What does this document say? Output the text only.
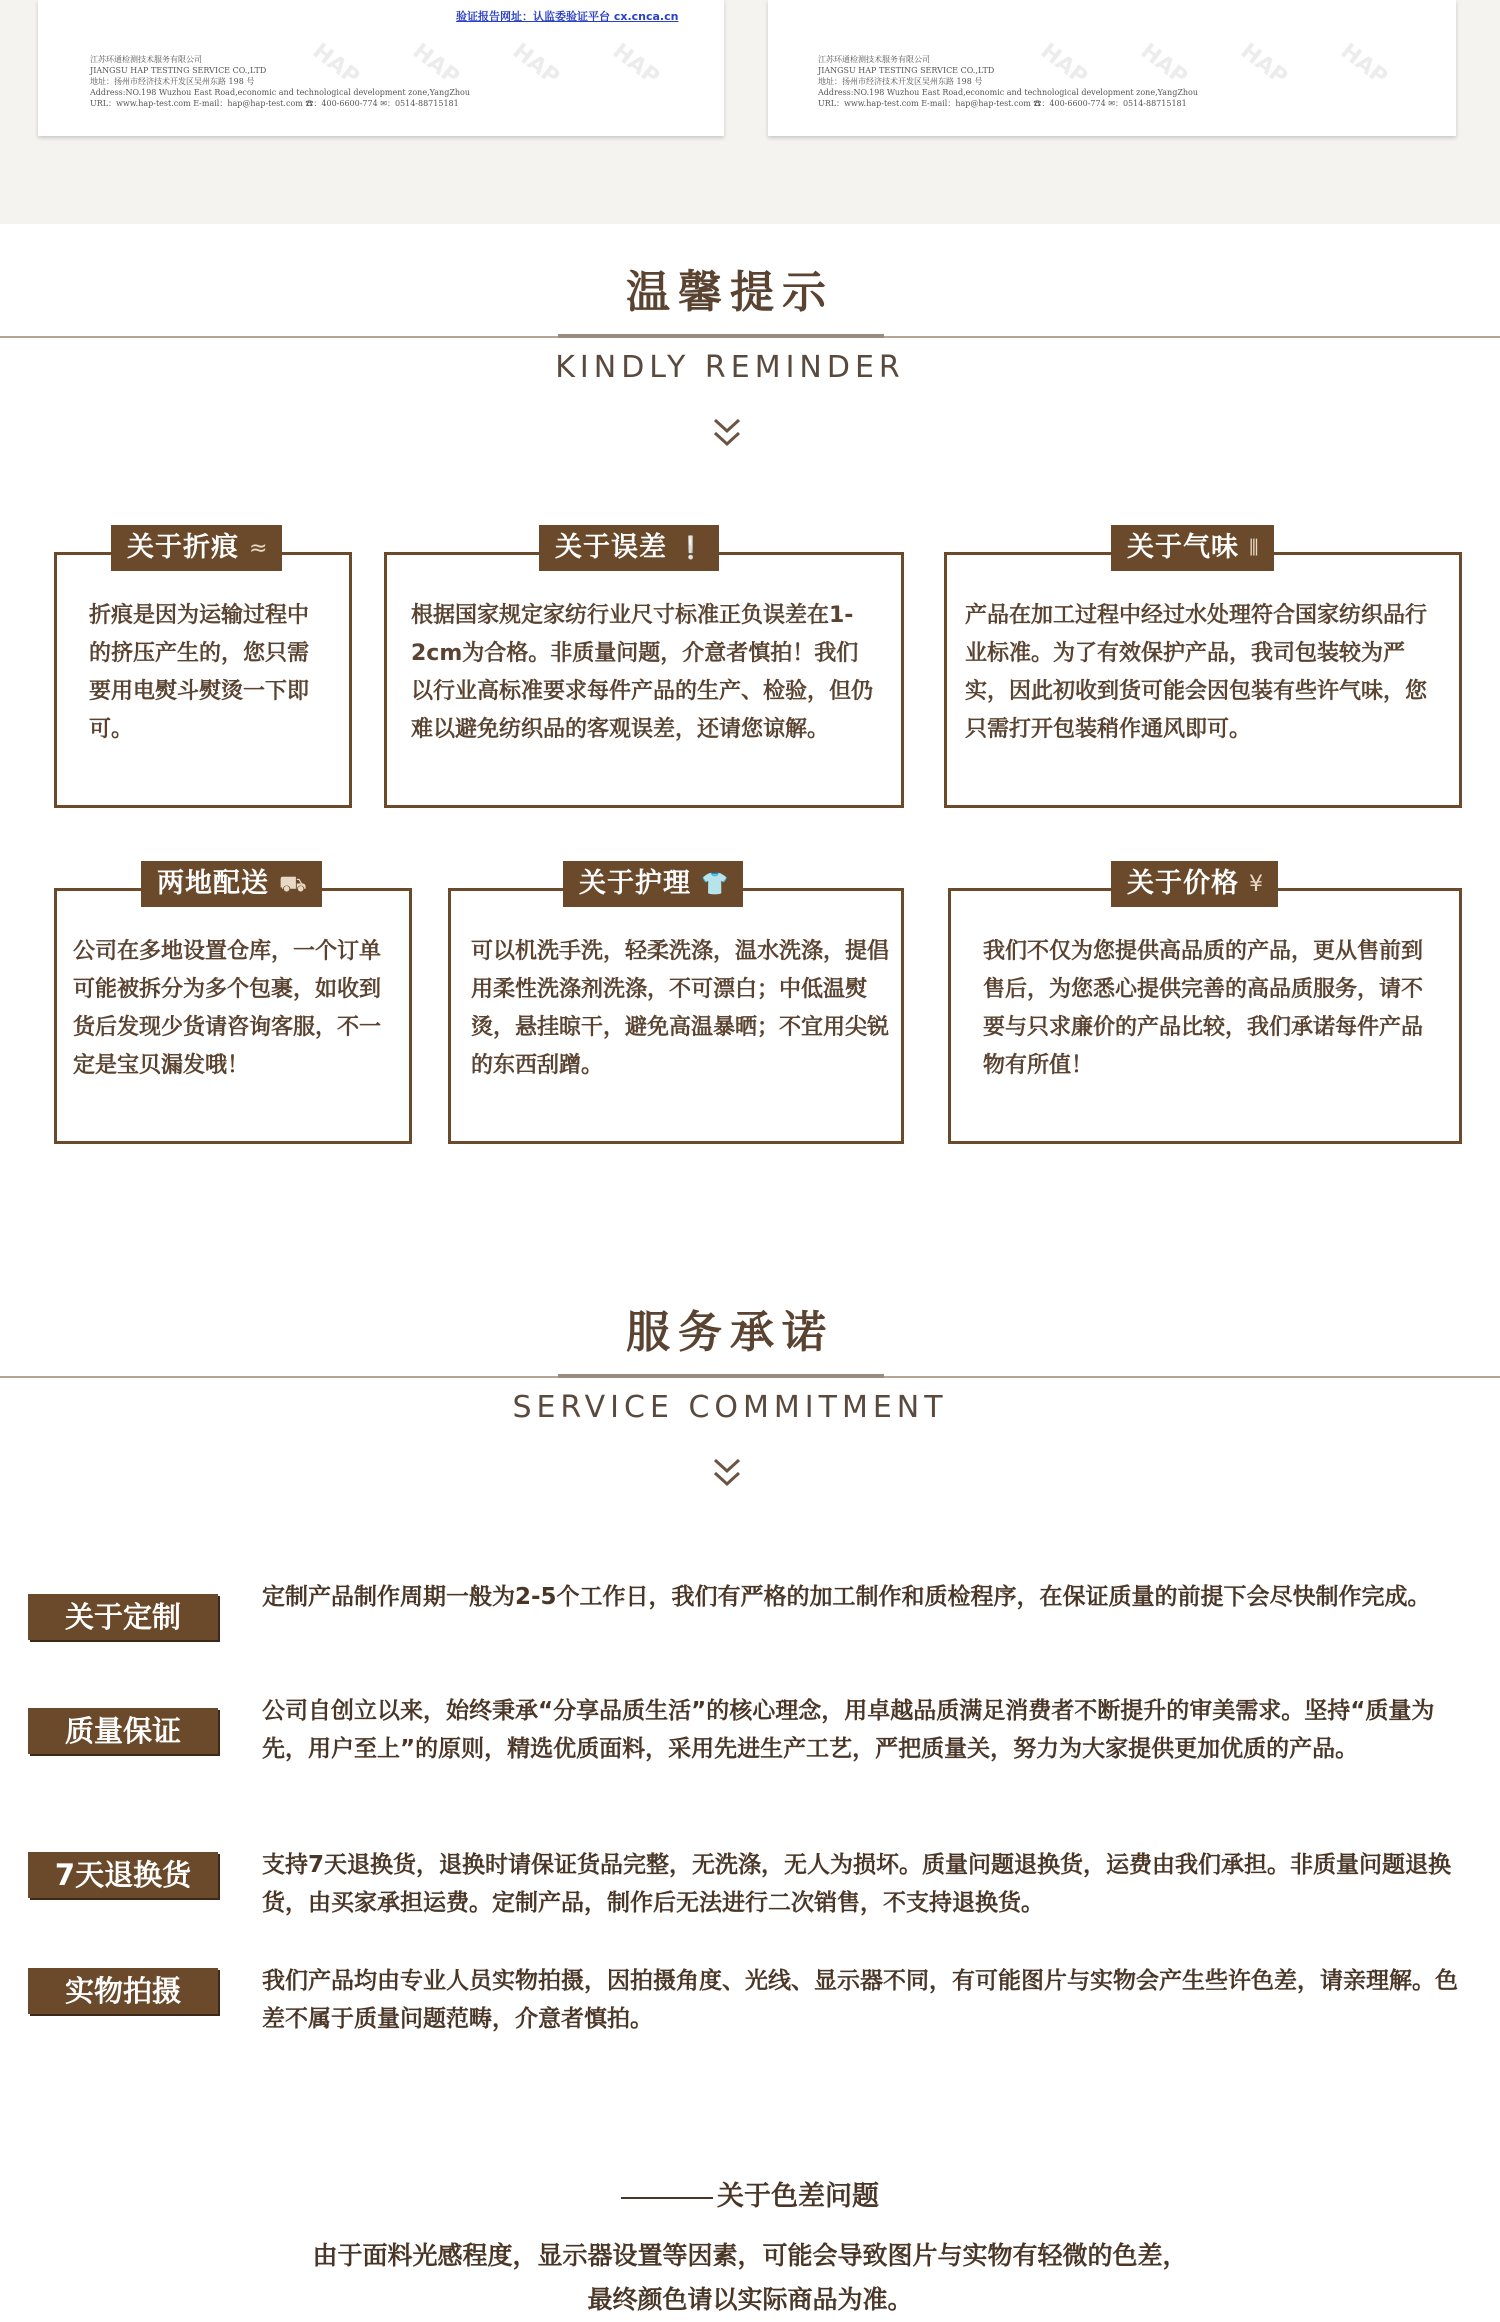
验证报告网址：认监委验证平台 cx.cnca.cn
江苏环通检测技术服务有限公司
JIANGSU HAP TESTING SERVICE CO.,LTD
地址：扬州市经济技术开发区吴州东路 198 号
Address:NO.198 Wuzhou East Road,economic and technological development zone,YangZhou
URL：www.hap-test.com E-mail：hap@hap-test.com ☎：400-6600-774 ✉：0514-88715181
HAP HAP HAP HAP	江苏环通检测技术服务有限公司
JIANGSU HAP TESTING SERVICE CO.,LTD
地址：扬州市经济技术开发区吴州东路 198 号
Address:NO.198 Wuzhou East Road,economic and technological development zone,YangZhou
URL：www.hap-test.com E-mail：hap@hap-test.com ☎：400-6600-774 ✉：0514-88715181
HAP HAP HAP HAP
温馨提示
KINDLY REMINDER
关于折痕 ≈
折痕是因为运输过程中的挤压产生的，您只需要用电熨斗熨烫一下即可。
关于误差 ❕
根据国家规定家纺行业尺寸标准正负误差在1-2cm为合格。非质量问题，介意者慎拍！我们以行业高标准要求每件产品的生产、检验，但仍难以避免纺织品的客观误差，还请您谅解。
关于气味 ⦀
产品在加工过程中经过水处理符合国家纺织品行业标准。为了有效保护产品，我司包装较为严实，因此初收到货可能会因包装有些许气味，您只需打开包装稍作通风即可。
两地配送 ⛟
公司在多地设置仓库，一个订单可能被拆分为多个包裹，如收到货后发现少货请咨询客服，不一定是宝贝漏发哦！
关于护理 👕
可以机洗手洗，轻柔洗涤，温水洗涤，提倡用柔性洗涤剂洗涤，不可漂白；中低温熨烫，悬挂晾干，避免高温暴晒；不宜用尖锐的东西刮蹭。
关于价格 ¥
我们不仅为您提供高品质的产品，更从售前到售后，为您悉心提供完善的高品质服务，请不要与只求廉价的产品比较，我们承诺每件产品物有所值！
服务承诺
SERVICE COMMITMENT
关于定制
定制产品制作周期一般为2-5个工作日，我们有严格的加工制作和质检程序，在保证质量的前提下会尽快制作完成。
质量保证
公司自创立以来，始终秉承“分享品质生活”的核心理念，用卓越品质满足消费者不断提升的审美需求。坚持“质量为先，用户至上”的原则，精选优质面料，采用先进生产工艺，严把质量关，努力为大家提供更加优质的产品。
7天退换货	支持7天退换货，退换时请保证货品完整，无洗涤，无人为损坏。质量问题退换货，运费由我们承担。非质量问题退换货，由买家承担运费。定制产品，制作后无法进行二次销售，不支持退换货。
实物拍摄	我们产品均由专业人员实物拍摄，因拍摄角度、光线、显示器不同，有可能图片与实物会产生些许色差，请亲理解。色差不属于质量问题范畴，介意者慎拍。
关于色差问题
由于面料光感程度，显示器设置等因素，可能会导致图片与实物有轻微的色差，
最终颜色请以实际商品为准。
